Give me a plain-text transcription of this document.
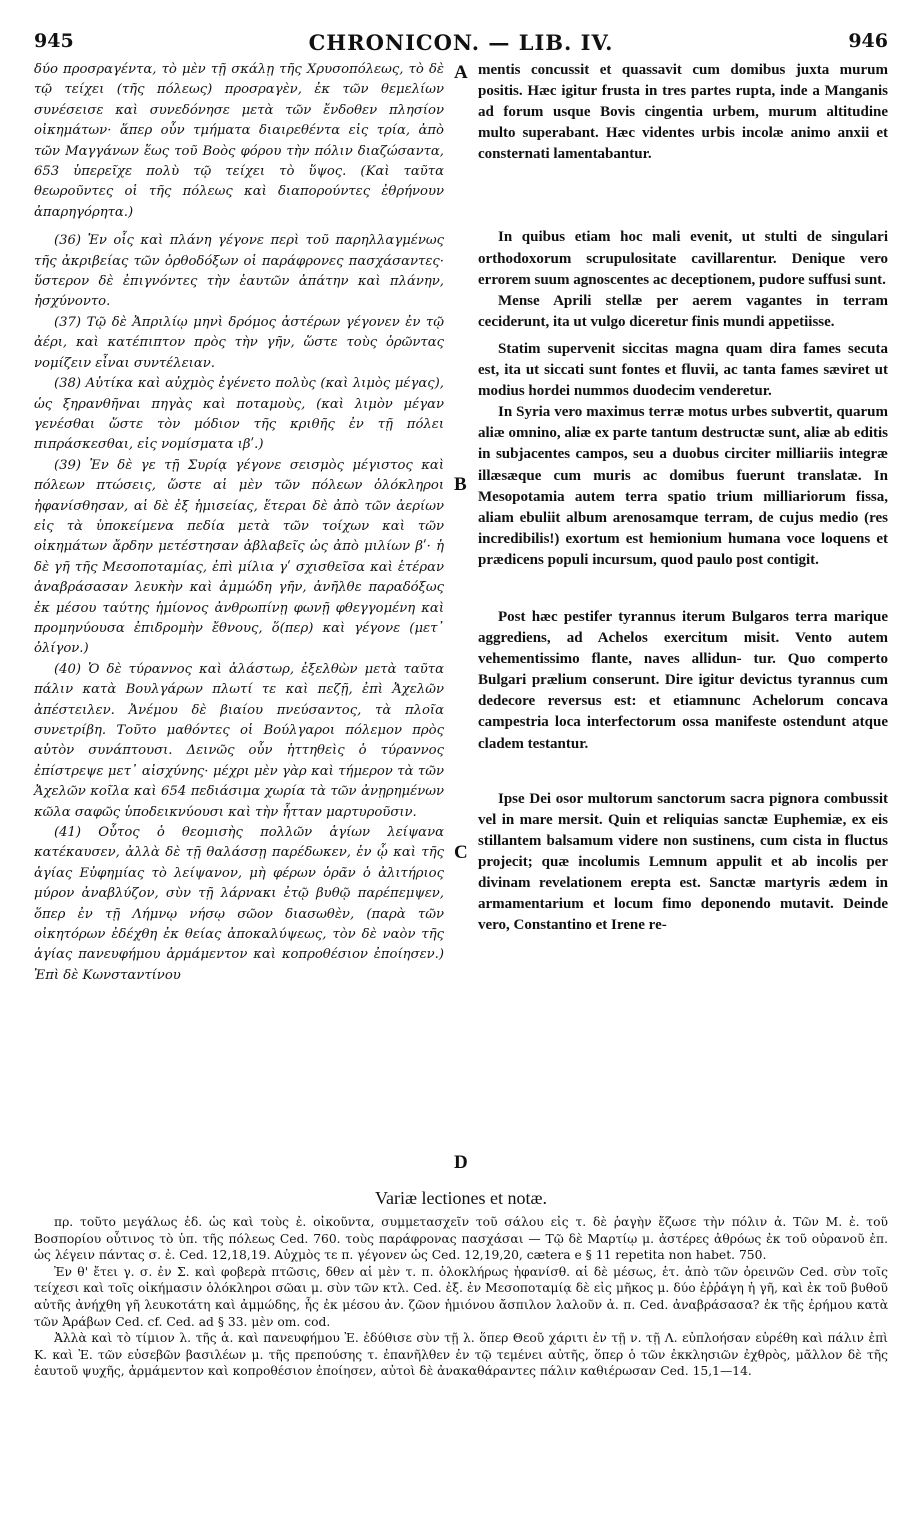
945	CHRONICON. — LIB. IV.	946

δύο προσραγέντα, τὸ μὲν τῇ σκάλῃ τῆς Χρυσοπόλεως, τὸ δὲ τῷ τείχει (τῆς πόλεως) προσραγὲν, ἐκ τῶν θεμελίων συνέσεισε καὶ συνεδόνησε μετὰ τῶν ἔνδοθεν πλησίον οἰκημάτων· ἅπερ οὖν τμήματα διαιρεθέντα εἰς τρία, ἀπὸ τῶν Μαγγάνων ἕως τοῦ Βοὸς φόρου τὴν πόλιν διαζώσαντα, 653 ὑπερεῖχε πολὺ τῷ τείχει τὸ ὕψος. (Καὶ ταῦτα θεωροῦντες οἱ τῆς πόλεως καὶ διαπορούντες ἐθρήνουν ἀπαρηγόρητα.)

(36) Ἐν οἷς καὶ πλάνη γέγονε περὶ τοῦ παρηλλαγμένως τῆς ἀκριβείας τῶν ὀρθοδόξων οἱ παράφρονες πασχάσαντες· ὕστερον δὲ ἐπιγνόντες τὴν ἑαυτῶν ἀπάτην καὶ πλάνην, ἠσχύνοντο.

(37) Τῷ δὲ Ἀπριλίῳ μηνὶ δρόμος ἀστέρων γέγονεν ἐν τῷ ἀέρι, καὶ κατέπιπτον πρὸς τὴν γῆν, ὥστε τοὺς ὁρῶντας νομίζειν εἶναι συντέλειαν.

(38) Αὐτίκα καὶ αὐχμὸς ἐγένετο πολὺς (καὶ λιμὸς μέγας), ὡς ξηρανθῆναι πηγὰς καὶ ποταμοὺς, (καὶ λιμὸν μέγαν γενέσθαι ὥστε τὸν μόδιον τῆς κριθῆς ἐν τῇ πόλει πιπράσκεσθαι, εἰς νομίσματα ιβʹ.)

(39) Ἐν δὲ γε τῇ Συρίᾳ γέγονε σεισμὸς μέγιστος καὶ πόλεων πτώσεις, ὥστε αἱ μὲν τῶν πόλεων ὁλόκληροι ἠφανίσθησαν, αἱ δὲ ἐξ ἡμισείας, ἕτεραι δὲ ἀπὸ τῶν ἀερίων εἰς τὰ ὑποκείμενα πεδία μετὰ τῶν τοίχων καὶ τῶν οἰκημάτων ἄρδην μετέστησαν ἀβλαβεῖς ὡς ἀπὸ μιλίων βʹ· ἡ δὲ γῆ τῆς Μεσοποταμίας, ἐπὶ μίλια γʹ σχισθεῖσα καὶ ἑτέραν ἀναβράσασαν λευκὴν καὶ ἀμμώδη γῆν, ἀνῆλθε παραδόξως ἐκ μέσου ταύτης ἡμίονος ἀνθρωπίνῃ φωνῇ φθεγγομένη καὶ προμηνύουσα ἐπιδρομὴν ἔθνους, ὅ(περ) καὶ γέγονε (μετ᾽ ὀλίγον.)

(40) Ὁ δὲ τύραννος καὶ ἀλάστωρ, ἐξελθὼν μετὰ ταῦτα πάλιν κατὰ Βουλγάρων πλωτί τε καὶ πεζῇ, ἐπὶ Ἀχελῶν ἀπέστειλεν. Ἀνέμου δὲ βιαίου πνεύσαντος, τὰ πλοῖα συνετρίβη. Τοῦτο μαθόντες οἱ Βούλγαροι πόλεμον πρὸς αὐτὸν συνάπτουσι. Δεινῶς οὖν ἡττηθεὶς ὁ τύραννος ἐπίστρεψε μετ᾽ αἰσχύνης· μέχρι μὲν γὰρ καὶ τήμερον τὰ τῶν Ἀχελῶν κοῖλα καὶ 654 πεδιάσιμα χωρία τὰ τῶν ἀνῃρημένων κῶλα σαφῶς ὑποδεικνύουσι καὶ τὴν ἧτταν μαρτυροῦσιν.

(41) Οὗτος ὁ θεομισὴς πολλῶν ἁγίων λείψανα κατέκαυσεν, ἀλλὰ δὲ τῇ θαλάσσῃ παρέδωκεν, ἐν ᾧ καὶ τῆς ἁγίας Εὐφημίας τὸ λείψανον, μὴ φέρων ὁρᾶν ὁ ἀλιτήριος μύρον ἀναβλύζον, σὺν τῇ λάρνακι ἐτῷ βυθῷ παρέπεμψεν, ὅπερ ἐν τῇ Λήμνῳ νήσῳ σῶον διασωθὲν, (παρὰ τῶν οἰκητόρων ἐδέχθη ἐκ θείας ἀποκαλύψεως, τὸν δὲ ναὸν τῆς ἁγίας πανευφήμου ἀρμάμεντον καὶ κοπροθέσιον ἐποίησεν.) Ἐπὶ δὲ Κωνσταντίνου

A
B
C
D

mentis concussit et quassavit cum domibus juxta murum positis. Hæc igitur frusta in tres partes rupta, inde a Manganis ad forum usque Bovis cingentia urbem, murum altitudine multo superabant. Hæc videntes urbis incolæ animo anxii et consternati lamentabantur.

In quibus etiam hoc mali evenit, ut stulti de singulari orthodoxorum scrupulositate cavillarentur. Denique vero errorem suum agnoscentes ac deceptionem, pudore suffusi sunt.

Mense Aprili stellæ per aerem vagantes in terram ceciderunt, ita ut vulgo diceretur finis mundi appetiisse.

Statim supervenit siccitas magna quam dira fames secuta est, ita ut siccati sunt fontes et fluvii, ac tanta fames sæviret ut modius hordei nummos duodecim venderetur.

In Syria vero maximus terræ motus urbes subvertit, quarum aliæ omnino, aliæ ex parte tantum destructæ sunt, aliæ ab editis in subjacentes campos, seu a duobus circiter milliariis integræ illæsæque cum muris ac domibus fuerunt translatæ. In Mesopotamia autem terra spatio trium milliariorum fissa, aliam ebuliit album arenosamque terram, de cujus medio (res incredibilis!) exortum est hemionium humana voce loquens et prædicens populi incursum, quod paulo post contigit.

Post hæc pestifer tyrannus iterum Bulgaros terra marique aggrediens, ad Achelos exercitum misit. Vento autem vehementissimo flante, naves allidun- tur. Quo comperto Bulgari prælium conserunt. Dire igitur devictus tyrannus cum dedecore reversus est: et etiamnunc Achelorum concava campestria loca interfectorum ossa manifeste ostendunt atque cladem testantur.

Ipse Dei osor multorum sanctorum sacra pignora combussit vel in mare mersit. Quin et reliquias sanctæ Euphemiæ, ex eis stillantem balsamum videre non sustinens, cum cista in fluctus projecit; quæ incolumis Lemnum appulit et ab incolis per divinam revelationem erepta est. Sanctæ martyris ædem in armamentarium et locum fimo deponendo mutavit. Deinde vero, Constantino et Irene re-

Variæ lectiones et notæ.

πρ. τοῦτο μεγάλως ἐδ. ὡς καὶ τοὺς ἐ. οἰκοῦντα, συμμετασχεῖν τοῦ σάλου εἰς τ. δὲ ῥαγὴν ἔζωσε τὴν πόλιν ἀ. Τῶν Μ. ἐ. τοῦ Βοσπορίου οὗτινος τὸ ὑπ. τῆς πόλεως Ced. 760. τοὺς παράφρονας πασχάσαι — Τῷ δὲ Μαρτίῳ μ. ἀστέρες ἀθρόως ἐκ τοῦ οὐρανοῦ ἐπ. ὡς λέγειν πάντας σ. ἐ. Ced. 12,18,19. Αὐχμὸς τε π. γέγονεν ὡς Ced. 12,19,20, cætera e § 11 repetita non habet. 750.

Ἐν θ' ἔτει γ. σ. ἐν Σ. καὶ φοβερὰ πτῶσις, δθεν αἱ μὲν τ. π. ὁλοκλήρως ἠφανίσθ. αἱ δὲ μέσως, ἑτ. ἀπὸ τῶν ὀρεινῶν Ced. σὺν τοῖς τείχεσι καὶ τοῖς οἰκήμασιν ὁλόκληροι σῶαι μ. σὺν τῶν κτλ. Ced. ἐξ. ἐν Μεσοποταμίᾳ δὲ εἰς μῆκος μ. δύο ἐῤῥάγη ἡ γῆ, καὶ ἐκ τοῦ βυθοῦ αὐτῆς ἀνήχθη γῆ λευκοτάτη καὶ ἀμμώδης, ἧς ἐκ μέσου ἀν. ζῶον ἡμιόνου ἄσπιλον λαλοῦν ἀ. π. Ced. ἀναβράσασα? ἐκ τῆς ἐρήμου κατὰ τῶν Ἀράβων Ced. cf. Ced. ad § 33. μὲν om. cod.

Ἀλλὰ καὶ τὸ τίμιον λ. τῆς ἁ. καὶ πανευφήμου Ἐ. ἐδύθισε σὺν τῇ λ. ὅπερ Θεοῦ χάριτι ἐν τῇ ν. τῇ Λ. εὐπλοήσαν εὑρέθη καὶ πάλιν ἐπὶ Κ. καὶ Ἐ. τῶν εὐσεβῶν βασιλέων μ. τῆς πρεπούσης τ. ἐπανῆλθεν ἐν τῷ τεμένει αὐτῆς, ὅπερ ὁ τῶν ἐκκλησιῶν ἐχθρὸς, μᾶλλον δὲ τῆς ἑαυτοῦ ψυχῆς, ἀρμάμεντον καὶ κοπροθέσιον ἐποίησεν, αὐτοὶ δὲ ἀνακαθάραντες πάλιν καθιέρωσαν Ced. 15,1—14.
